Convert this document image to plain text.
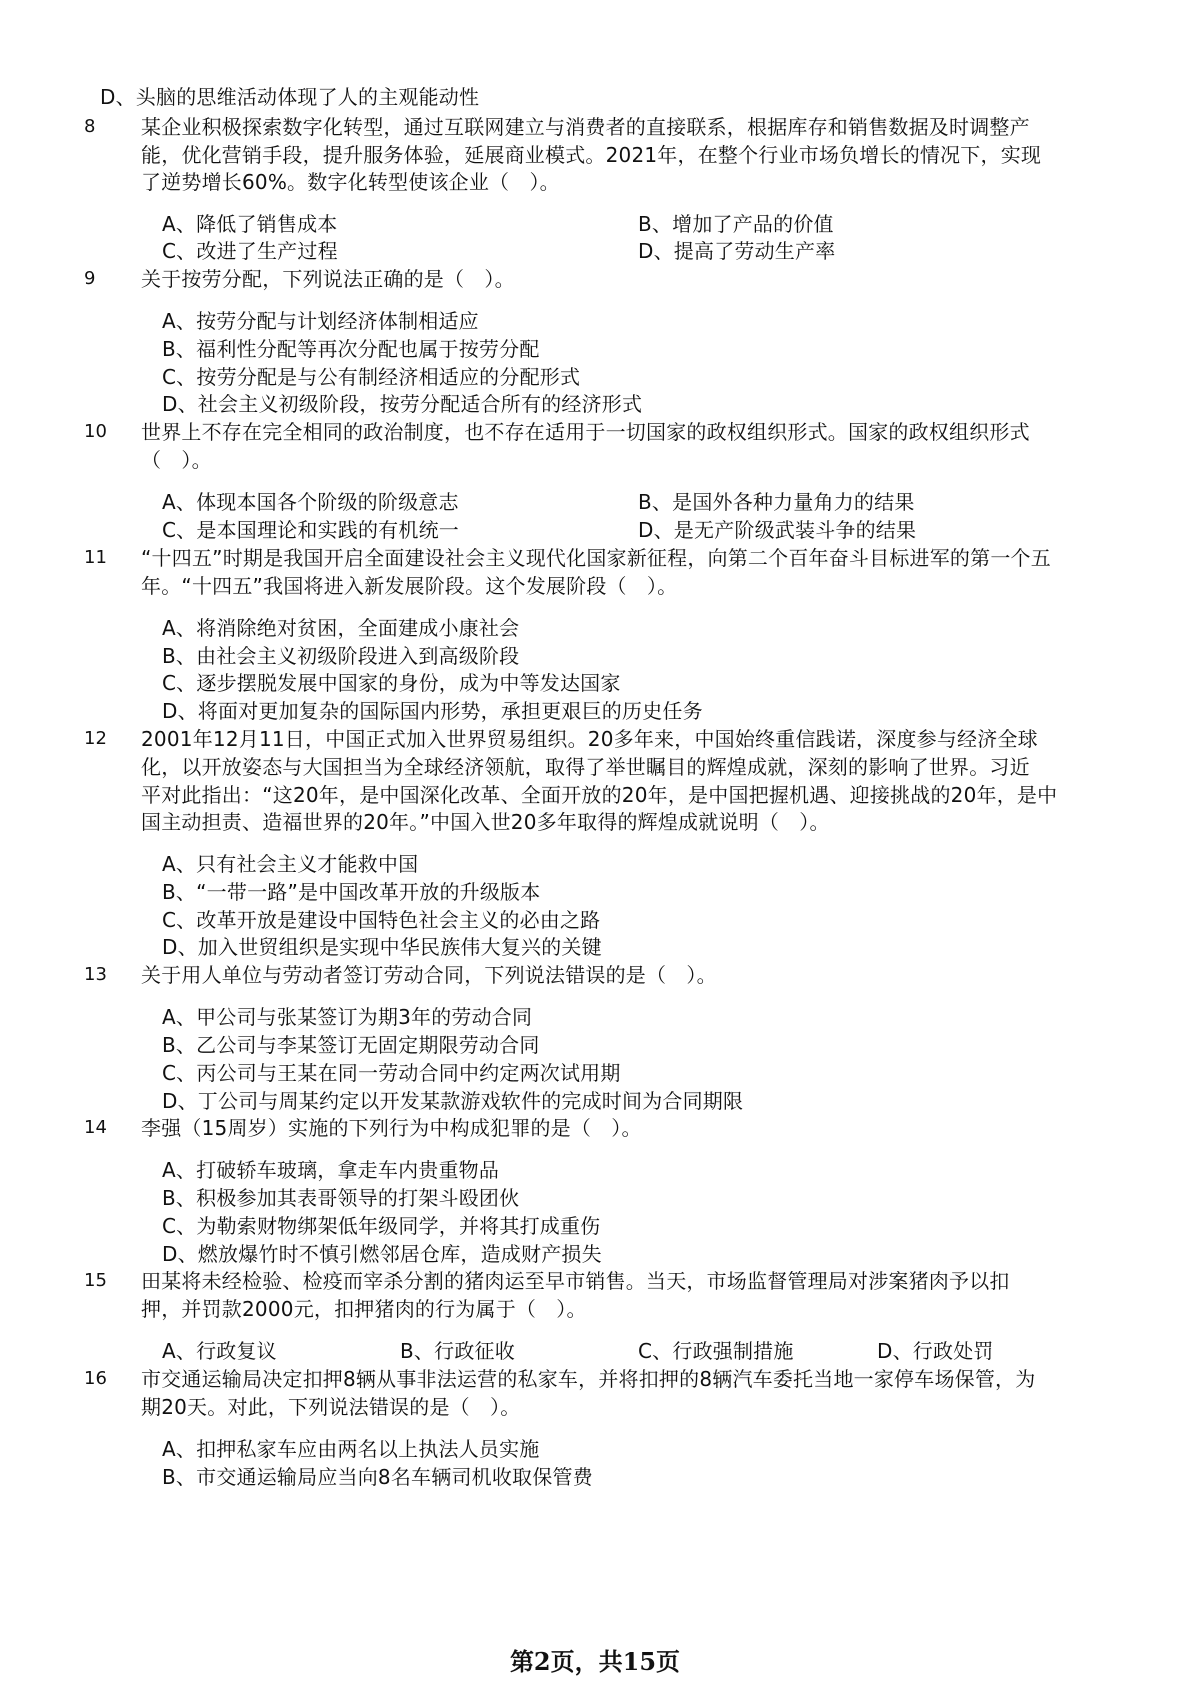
D、头脑的思维活动体现了人的主观能动性
8 某企业积极探索数字化转型，通过互联网建立与消费者的直接联系，根据库存和销售数据及时调整产
能，优化营销手段，提升服务体验，延展商业模式。2021年，在整个行业市场负增长的情况下，实现
了逆势增长60%。数字化转型使该企业（　）。
A、降低了销售成本	B、增加了产品的价值
C、改进了生产过程	D、提高了劳动生产率
9 关于按劳分配，下列说法正确的是（　）。
A、按劳分配与计划经济体制相适应
B、福利性分配等再次分配也属于按劳分配
C、按劳分配是与公有制经济相适应的分配形式
D、社会主义初级阶段，按劳分配适合所有的经济形式
10 世界上不存在完全相同的政治制度，也不存在适用于一切国家的政权组织形式。国家的政权组织形式
（　）。
A、体现本国各个阶级的阶级意志	B、是国外各种力量角力的结果
C、是本国理论和实践的有机统一	D、是无产阶级武装斗争的结果
11 “十四五”时期是我国开启全面建设社会主义现代化国家新征程，向第二个百年奋斗目标进军的第一个五
年。“十四五”我国将进入新发展阶段。这个发展阶段（　）。
A、将消除绝对贫困，全面建成小康社会
B、由社会主义初级阶段进入到高级阶段
C、逐步摆脱发展中国家的身份，成为中等发达国家
D、将面对更加复杂的国际国内形势，承担更艰巨的历史任务
12 2001年12月11日，中国正式加入世界贸易组织。20多年来，中国始终重信践诺，深度参与经济全球
化，以开放姿态与大国担当为全球经济领航，取得了举世瞩目的辉煌成就，深刻的影响了世界。习近
平对此指出：“这20年，是中国深化改革、全面开放的20年，是中国把握机遇、迎接挑战的20年，是中
国主动担责、造福世界的20年。”中国入世20多年取得的辉煌成就说明（　）。
A、只有社会主义才能救中国
B、“一带一路”是中国改革开放的升级版本
C、改革开放是建设中国特色社会主义的必由之路
D、加入世贸组织是实现中华民族伟大复兴的关键
13 关于用人单位与劳动者签订劳动合同，下列说法错误的是（　）。
A、甲公司与张某签订为期3年的劳动合同
B、乙公司与李某签订无固定期限劳动合同
C、丙公司与王某在同一劳动合同中约定两次试用期
D、丁公司与周某约定以开发某款游戏软件的完成时间为合同期限
14 李强（15周岁）实施的下列行为中构成犯罪的是（　）。
A、打破轿车玻璃，拿走车内贵重物品
B、积极参加其表哥领导的打架斗殴团伙
C、为勒索财物绑架低年级同学，并将其打成重伤
D、燃放爆竹时不慎引燃邻居仓库，造成财产损失
15 田某将未经检验、检疫而宰杀分割的猪肉运至早市销售。当天，市场监督管理局对涉案猪肉予以扣
押，并罚款2000元，扣押猪肉的行为属于（　）。
A、行政复议	B、行政征收	C、行政强制措施	D、行政处罚
16 市交通运输局决定扣押8辆从事非法运营的私家车，并将扣押的8辆汽车委托当地一家停车场保管，为
期20天。对此，下列说法错误的是（　）。
A、扣押私家车应由两名以上执法人员实施
B、市交通运输局应当向8名车辆司机收取保管费
第2页，共15页
